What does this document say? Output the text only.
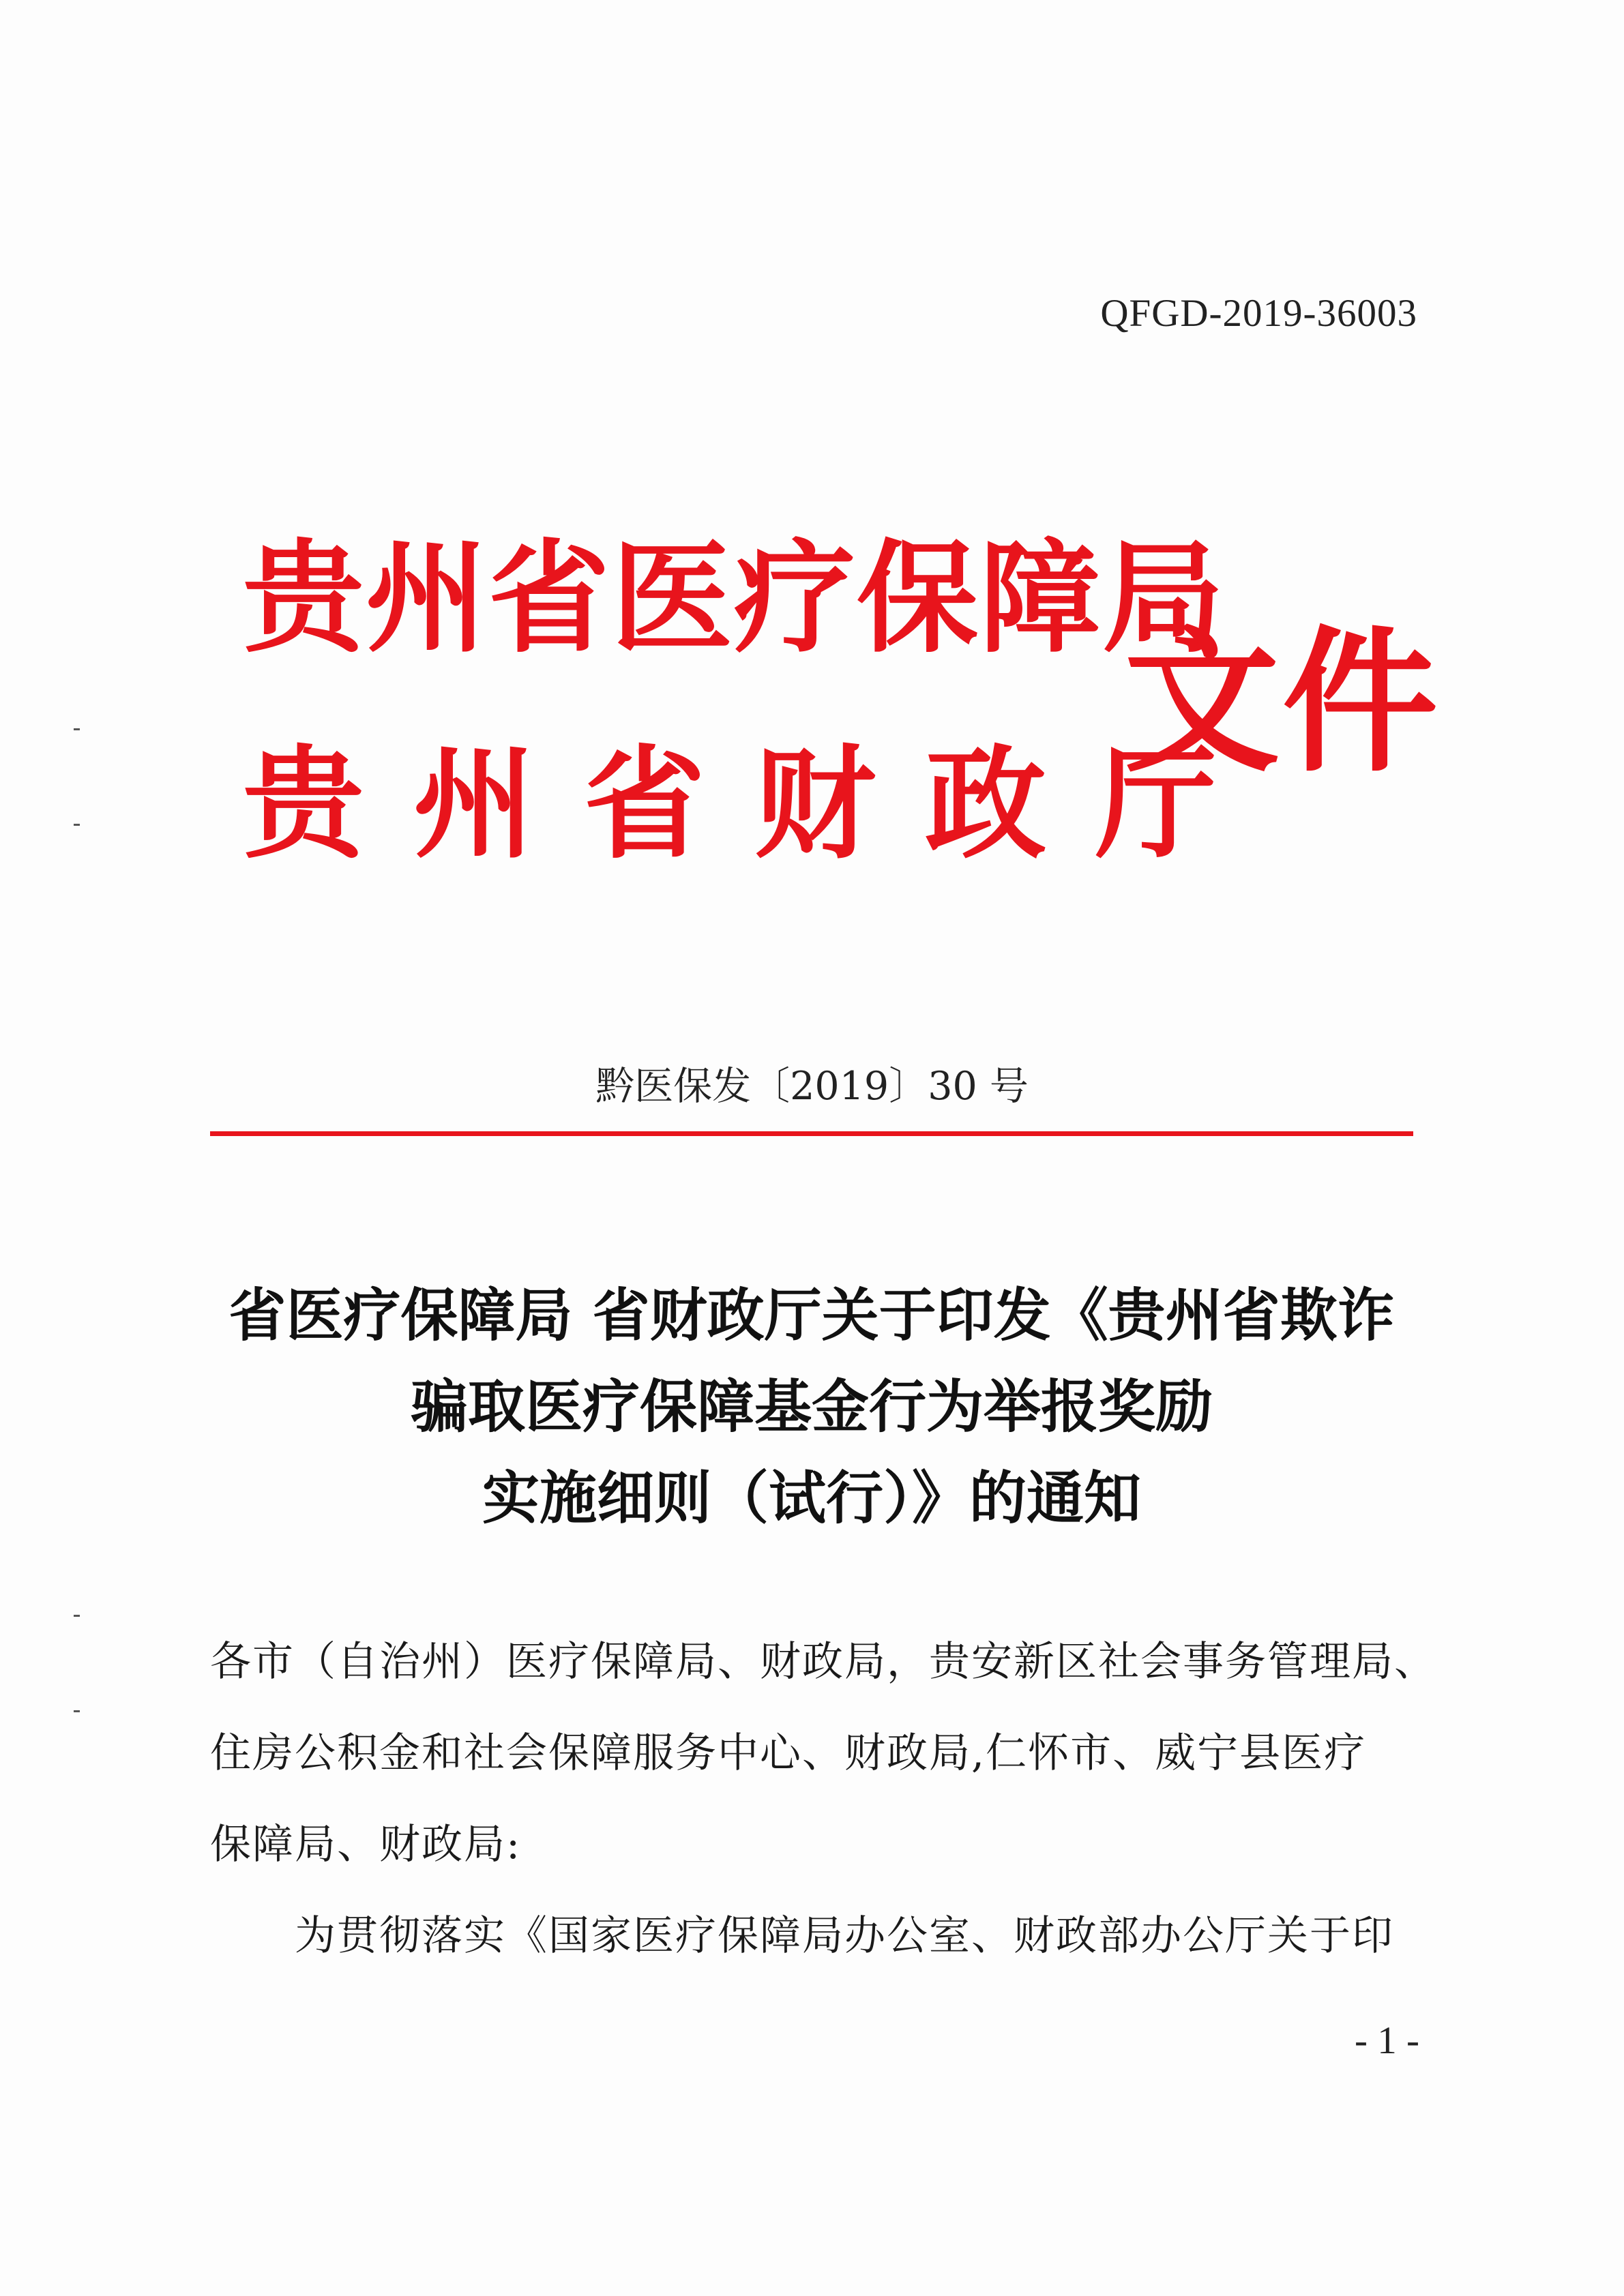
QFGD-2019-36003
贵州省医疗保障局
贵州省财政厅
文件
黔医保发〔2019〕30 号
省医疗保障局 省财政厅关于印发《贵州省欺诈
骗取医疗保障基金行为举报奖励
实施细则（试行）》的通知
各市（自治州）医疗保障局、财政局，贵安新区社会事务管理局、
住房公积金和社会保障服务中心、财政局,仁怀市、威宁县医疗
保障局、财政局:
为贯彻落实《国家医疗保障局办公室、财政部办公厅关于印
- 1 -
